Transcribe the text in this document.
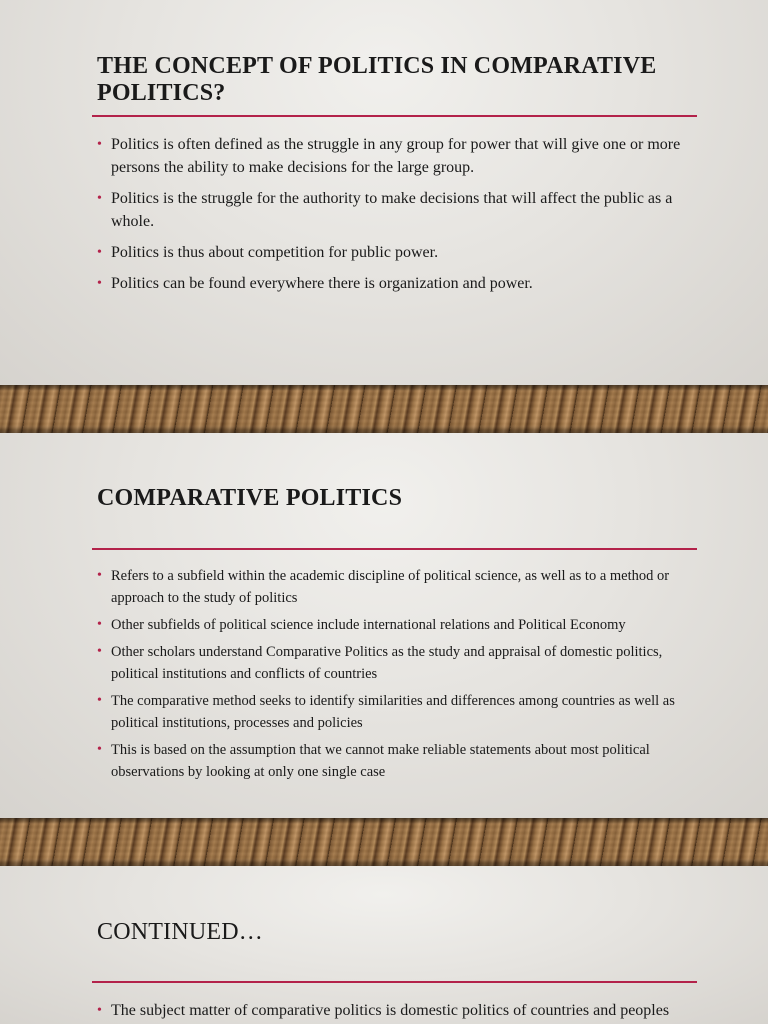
THE CONCEPT OF POLITICS IN COMPARATIVE POLITICS?
• Politics is often defined as the struggle in any group for power that will give one or more persons the ability to make decisions for the large group.
• Politics is the struggle for the authority to make decisions that will affect the public as a whole.
• Politics is thus about competition for public power.
• Politics can be found everywhere there is organization and power.
COMPARATIVE POLITICS
• Refers to a subfield within the academic discipline of political science, as well as to a method or approach to the study of politics
• Other subfields of political science include international relations and Political Economy
• Other scholars understand Comparative Politics as the study and appraisal of domestic politics, political institutions and conflicts of countries
• The comparative method seeks to identify similarities and differences among countries as well as political institutions, processes and policies
• This is based on the assumption that we cannot make reliable statements about most political observations by looking at only one single case
CONTINUED…
• The subject matter of comparative politics is domestic politics of countries and peoples
